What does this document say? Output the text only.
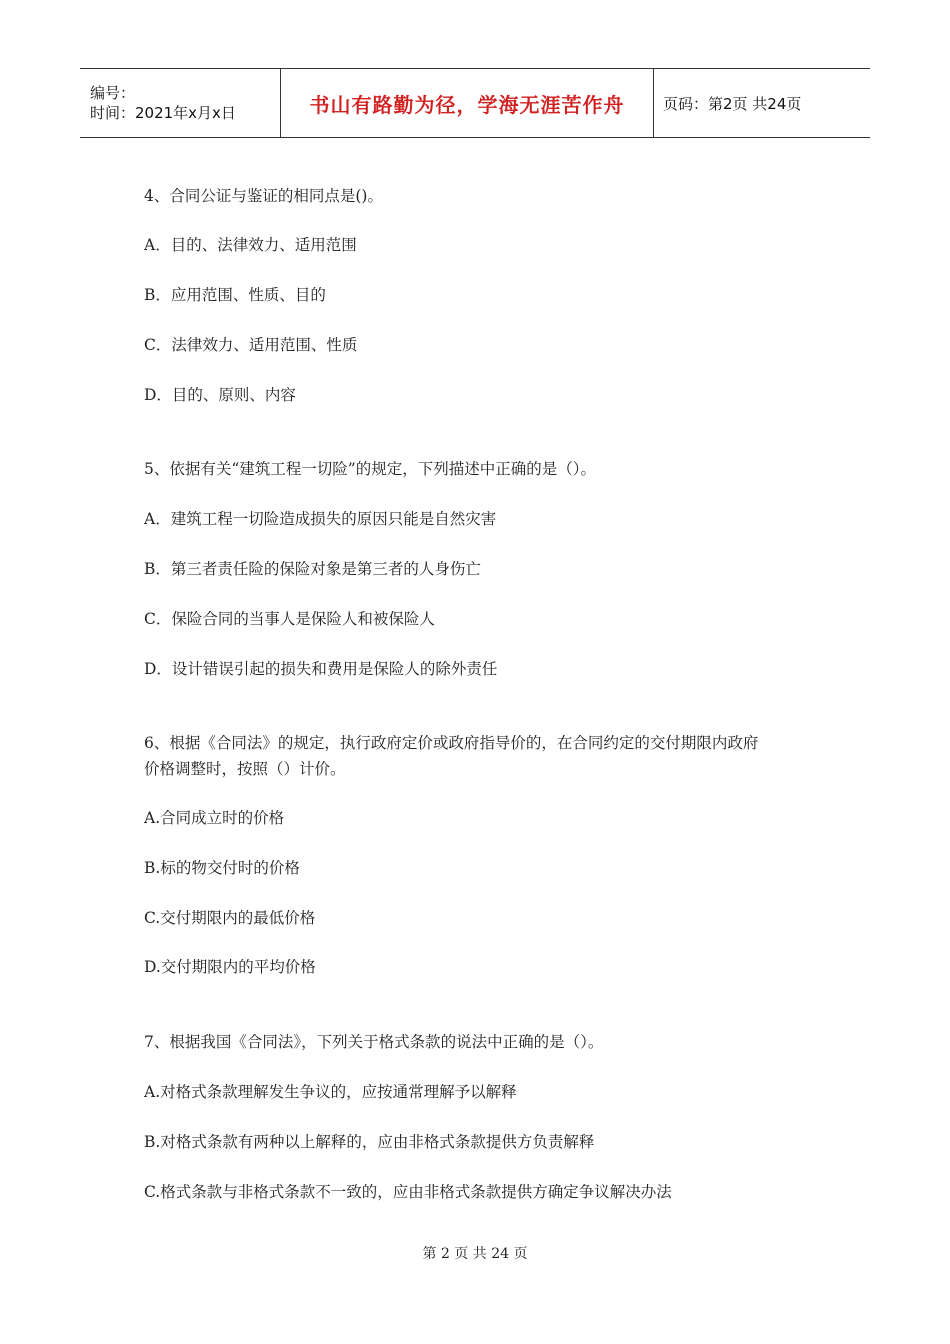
编号：
时间：2021年x月x日	书山有路勤为径，学海无涯苦作舟	页码：第2页 共24页
4、合同公证与鉴证的相同点是()。
A．目的、法律效力、适用范围
B．应用范围、性质、目的
C．法律效力、适用范围、性质
D．目的、原则、内容
5、依据有关“建筑工程一切险”的规定，下列描述中正确的是（）。
A．建筑工程一切险造成损失的原因只能是自然灾害
B．第三者责任险的保险对象是第三者的人身伤亡
C．保险合同的当事人是保险人和被保险人
D．设计错误引起的损失和费用是保险人的除外责任
6、根据《合同法》的规定，执行政府定价或政府指导价的，在合同约定的交付期限内政府
价格调整时，按照（）计价。
A.合同成立时的价格
B.标的物交付时的价格
C.交付期限内的最低价格
D.交付期限内的平均价格
7、根据我国《合同法》，下列关于格式条款的说法中正确的是（）。
A.对格式条款理解发生争议的，应按通常理解予以解释
B.对格式条款有两种以上解释的，应由非格式条款提供方负责解释
C.格式条款与非格式条款不一致的，应由非格式条款提供方确定争议解决办法
第 2 页 共 24 页
